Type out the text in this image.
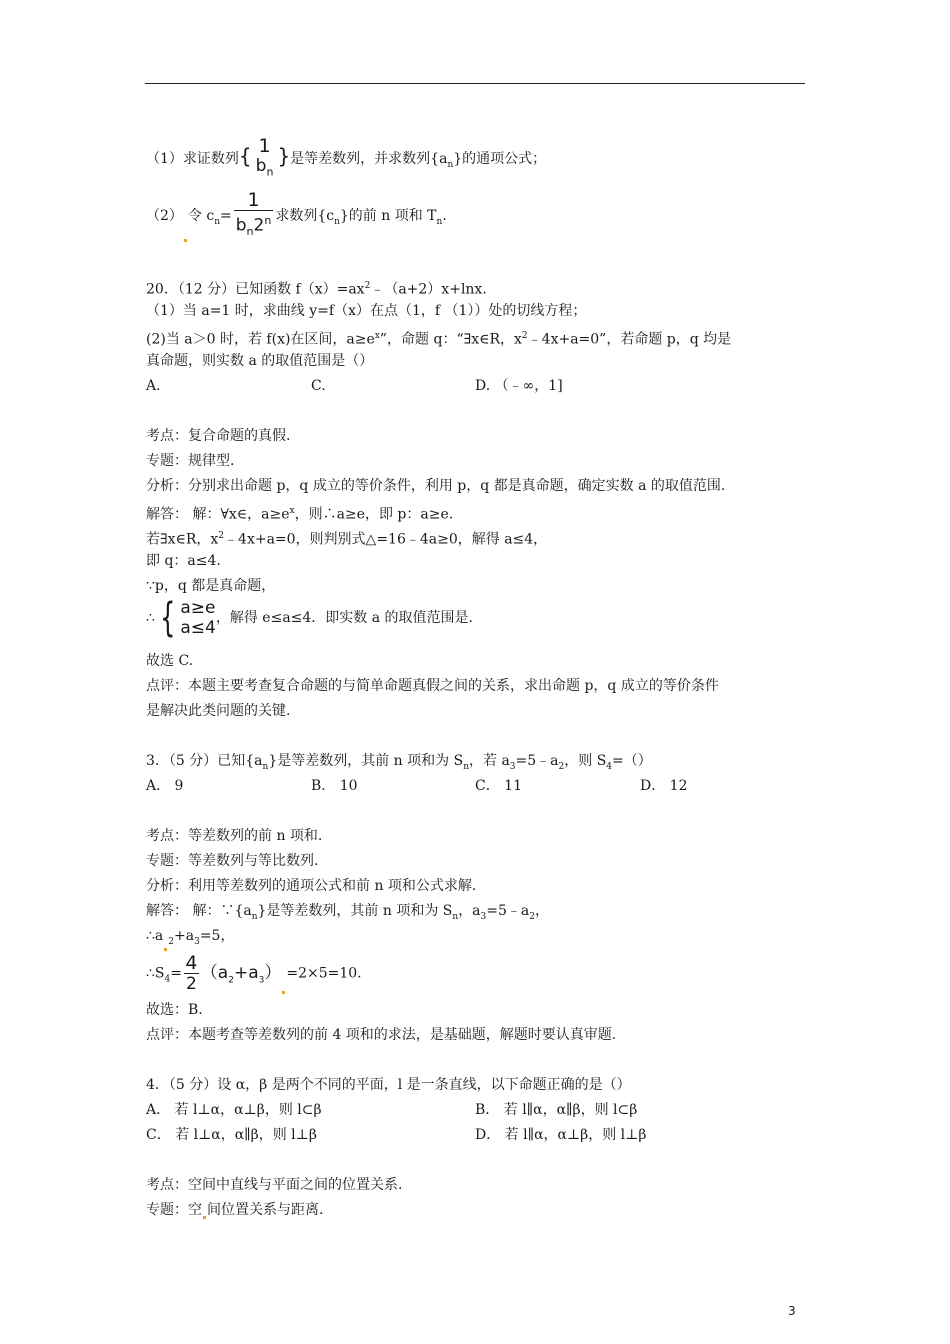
（1）求证数列{ 1
$b_n$
}是等差数列，并求数列$\{a_n\}$的通项公式；
（2） 令 $c_n= \frac{1}{b_n2^n}$ 求数列$\{c_n\}$的前 n 项和 $T_n$.
20．（12 分）已知函数 $f(x)=ax^2﹣(a+2)x+\ln x$.
（1）当 a=1 时，求曲线 y=f（x）在点（1，f （1））处的切线方程；
(2)当 a＞0 时，若 f(x)在区间，$a\ge e^x$”，命题 q：“∃x∈R，$x^2﹣4x+a=0$”，若命题 p，q 均是
真命题，则实数 a 的取值范围是（）
A.	C.	D. （﹣∞，1]
考点：复合命题的真假.
专题：规律型.
分析：分别求出命题 p，q 成立的等价条件，利用 p，q 都是真命题，确定实数 a 的取值范围.
解答： 解：∀x∈，$a\ge e^x$，则∴a≥e，即 p：a≥e.
若∃x∈R，$x^2﹣4x+a=0$，则判别式△=16﹣4a≥0，解得 a≤4，
即 q：a≤4.
∵p，q 都是真命题，
∴ { a≥e
a≤4 ，解得 e≤a≤4．即实数 a 的取值范围是.
故选 C.
点评：本题主要考查复合命题的与简单命题真假之间的关系，求出命题 p，q 成立的等价条件
是解决此类问题的关键.
3．（5 分）已知$\{a_n\}$是等差数列，其前 n 项和为 $S_n$，若 $a_3=5﹣a_2$，则 $S_4=()$
A． 9	B． 10	C． 11	D． 12
考点：等差数列的前 n 项和.
专题：等差数列与等比数列.
分析：利用等差数列的通项公式和前 n 项和公式求解.
解答： 解：$\because\{a_n\}$是等差数列，其前 n 项和为 $S_n$，$a_3=5﹣a_2$，
∴a $_2+a_3=5$，
$\therefore S_4= \frac{4}{2} (a_2+a_3) =2\times 5=10$.
故选：B.
点评：本题考查等差数列的前 4 项和的求法，是基础题，解题时要认真审题.
4．（5 分）设 α，β 是两个不同的平面，l 是一条直线，以下命题正确的是（）
A． 若 l⊥α，α⊥β，则 l⊂β	B． 若 l∥α，α∥β，则 l⊂β
C． 若 l⊥α，α∥β，则 l⊥β	D． 若 l∥α，α⊥β，则 l⊥β
考点：空间中直线与平面之间的位置关系.
专题：空 间位置关系与距离.
3
